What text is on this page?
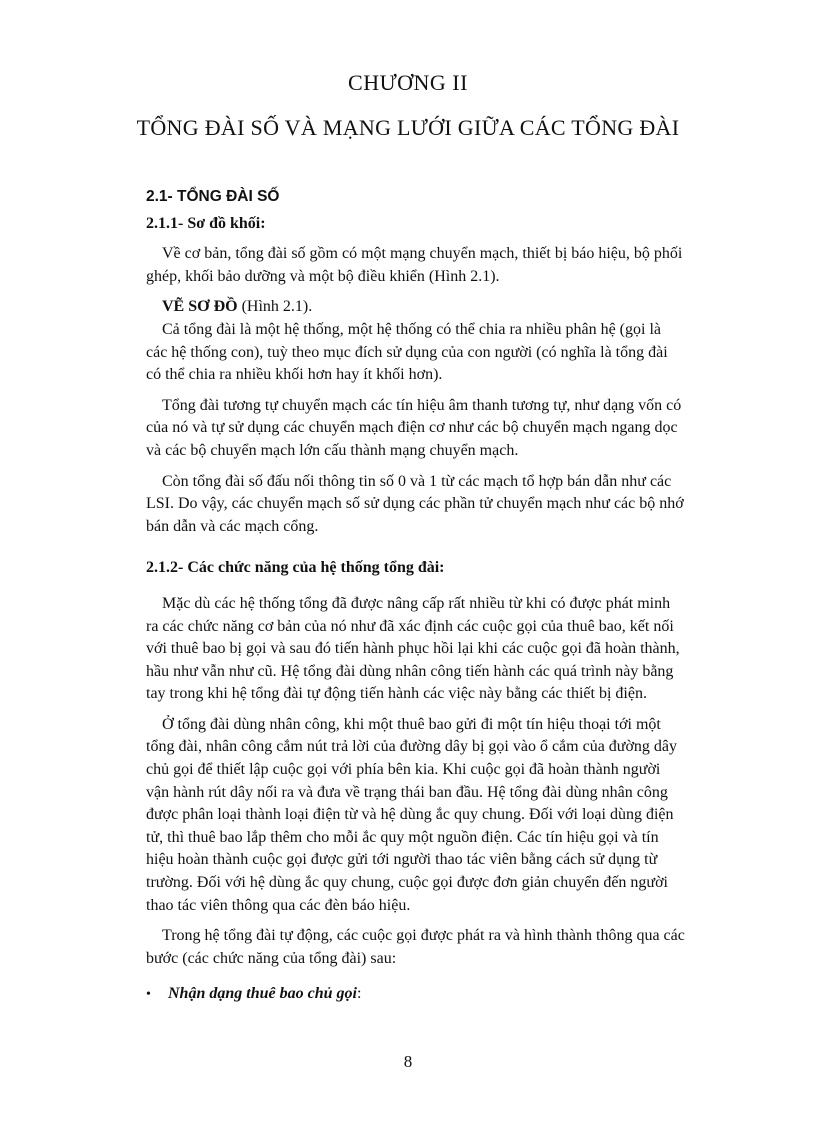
CHƯƠNG II
TỔNG ĐÀI SỐ VÀ MẠNG LƯỚI GIỮA CÁC TỔNG ĐÀI

2.1- TỔNG ĐÀI SỐ

2.1.1- Sơ đồ khối:

Về cơ bản, tổng đài số gồm có một mạng chuyển mạch, thiết bị báo hiệu, bộ phối ghép, khối bảo dưỡng và một bộ điều khiển (Hình 2.1).

VẼ SƠ ĐỒ (Hình 2.1).

Cả tổng đài là một hệ thống, một hệ thống có thể chia ra nhiều phân hệ (gọi là các hệ thống con), tuỳ theo mục đích sử dụng của con người (có nghĩa là tổng đài có thể chia ra nhiều khối hơn hay ít khối hơn).

Tổng đài tương tự chuyển mạch các tín hiệu âm thanh tương tự, như dạng vốn có của nó và tự sử dụng các chuyển mạch điện cơ như các bộ chuyển mạch ngang dọc và các bộ chuyển mạch lớn cấu thành mạng chuyển mạch.

Còn tổng đài số đấu nối thông tin số 0 và 1 từ các mạch tổ hợp bán dẫn như các LSI. Do vậy, các chuyển mạch số sử dụng các phần tử chuyển mạch như các bộ nhớ bán dẫn và các mạch cổng.

2.1.2- Các chức năng của hệ thống tổng đài:

Mặc dù các hệ thống tổng đã được nâng cấp rất nhiều từ khi có được phát minh ra các chức năng cơ bản của nó như đã xác định các cuộc gọi của thuê bao, kết nối với thuê bao bị gọi và sau đó tiến hành phục hồi lại khi các cuộc gọi đã hoàn thành, hầu như vẫn như cũ. Hệ tổng đài dùng nhân công tiến hành các quá trình này bằng tay trong khi hệ tổng đài tự động tiến hành các việc này bằng các thiết bị điện.

Ở tổng đài dùng nhân công, khi một thuê bao gửi đi một tín hiệu thoại tới một tổng đài, nhân công cắm nút trả lời của đường dây bị gọi vào ổ cắm của đường dây chủ gọi để thiết lập cuộc gọi với phía bên kia. Khi cuộc gọi đã hoàn thành người vận hành rút dây nối ra và đưa về trạng thái ban đầu. Hệ tổng đài dùng nhân công được phân loại thành loại điện từ và hệ dùng ắc quy chung. Đối với loại dùng điện tử, thì thuê bao lắp thêm cho mỗi ắc quy một nguồn điện. Các tín hiệu gọi và tín hiệu hoàn thành cuộc gọi được gửi tới người thao tác viên bằng cách sử dụng từ trường. Đối với hệ dùng ắc quy chung, cuộc gọi được đơn giản chuyển đến người thao tác viên thông qua các đèn báo hiệu.

Trong hệ tổng đài tự động, các cuộc gọi được phát ra và hình thành thông qua các bước (các chức năng của tổng đài) sau:

•	Nhận dạng thuê bao chủ gọi:
8
